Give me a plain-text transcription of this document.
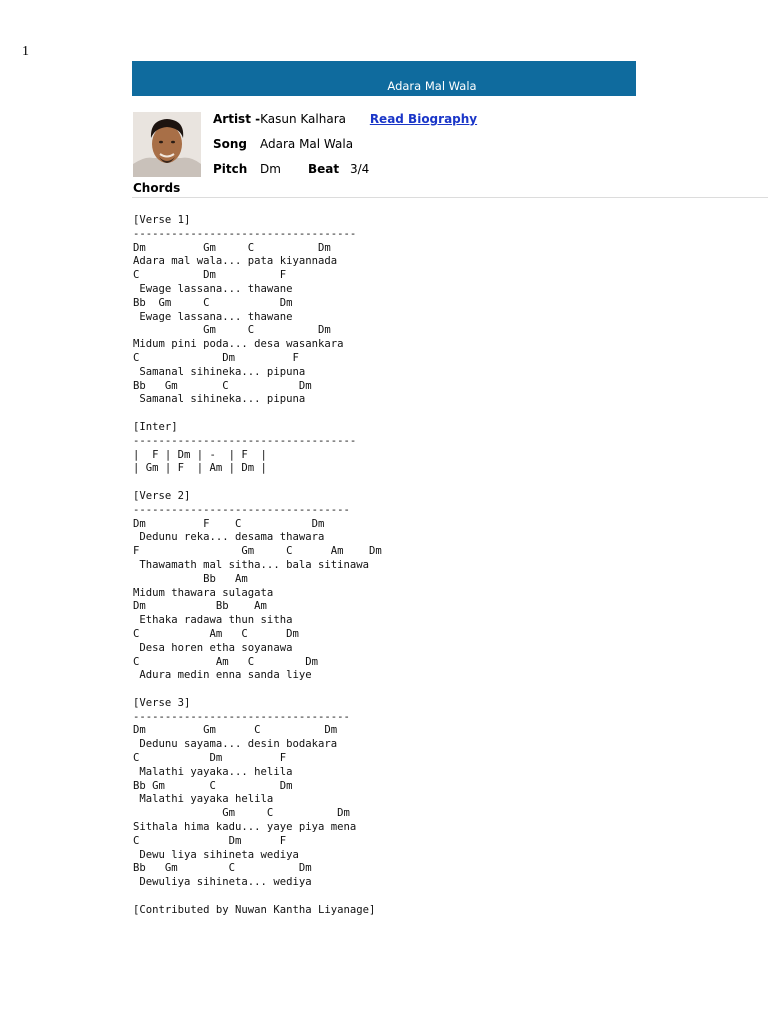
1
Adara Mal Wala
Artist -Kasun Kalhara Read Biography
Song Adara Mal Wala
Pitch Dm Beat 3/4
Chords
[Verse 1]
-----------------------------------
Dm         Gm     C          Dm
Adara mal wala... pata kiyannada
C          Dm          F
Ewage lassana... thawane
Bb  Gm     C           Dm
Ewage lassana... thawane
Gm     C          Dm
Midum pini poda... desa wasankara
C             Dm         F
Samanal sihineka... pipuna
Bb   Gm       C           Dm
Samanal sihineka... pipuna

[Inter]
-----------------------------------
|  F | Dm | -  | F  |
| Gm | F  | Am | Dm |

[Verse 2]
----------------------------------
Dm         F    C           Dm
Dedunu reka... desama thawara
F                Gm     C      Am    Dm
Thawamath mal sitha... bala sitinawa
Bb   Am
Midum thawara sulagata
Dm           Bb    Am
Ethaka radawa thun sitha
C           Am   C      Dm
Desa horen etha soyanawa
C            Am   C        Dm
Adura medin enna sanda liye

[Verse 3]
----------------------------------
Dm         Gm      C          Dm
Dedunu sayama... desin bodakara
C           Dm         F
Malathi yayaka... helila
Bb Gm       C          Dm
Malathi yayaka helila
Gm     C          Dm
Sithala hima kadu... yaye piya mena
C              Dm      F
Dewu liya sihineta wediya
Bb   Gm        C          Dm
Dewuliya sihineta... wediya

[Contributed by Nuwan Kantha Liyanage]
